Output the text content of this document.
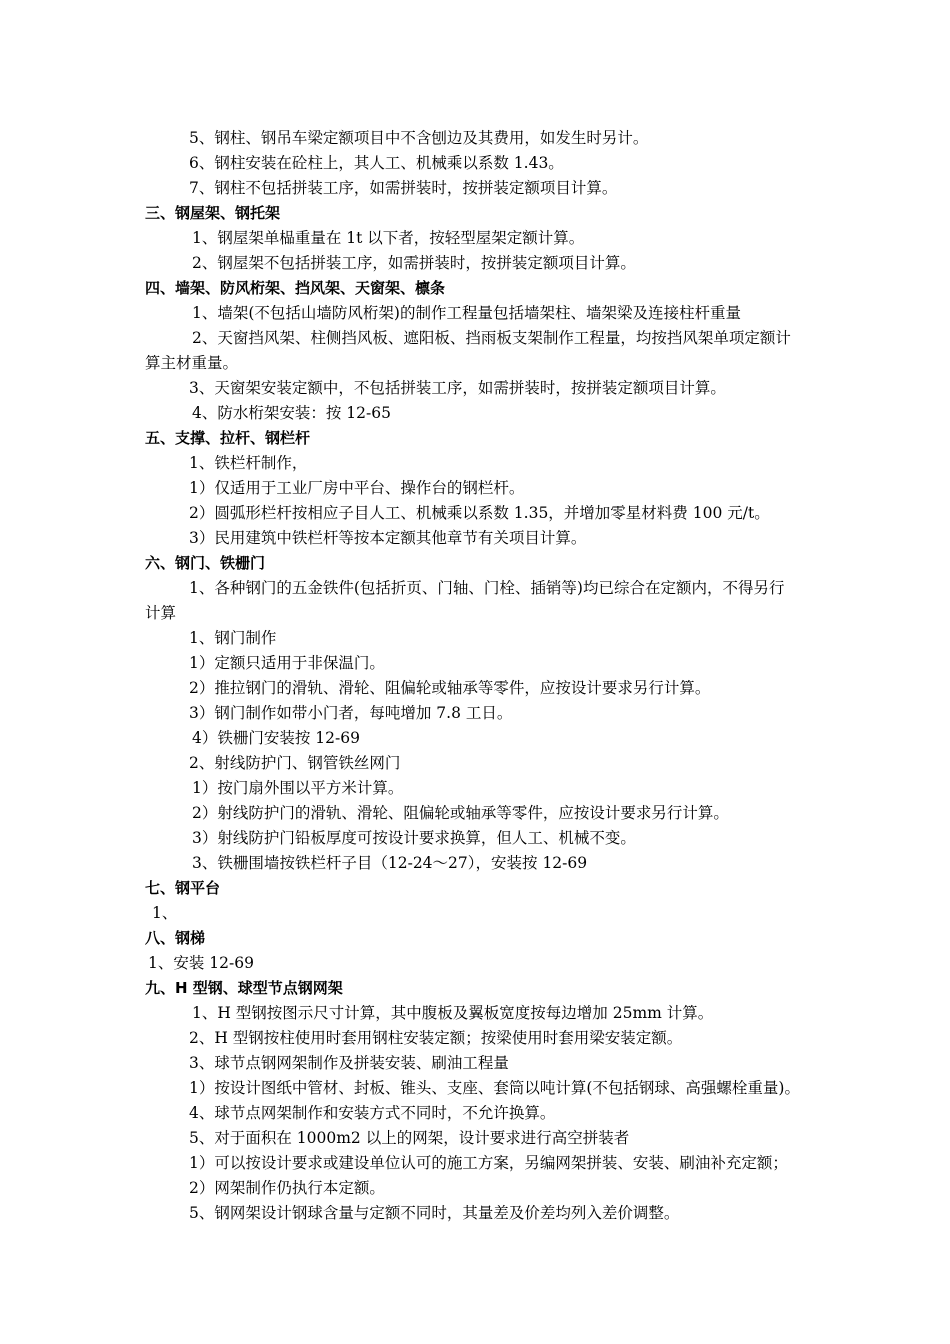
5、钢柱、钢吊车梁定额项目中不含刨边及其费用，如发生时另计。
6、钢柱安装在砼柱上，其人工、机械乘以系数 1.43。
7、钢柱不包括拼装工序，如需拼装时，按拼装定额项目计算。
三、钢屋架、钢托架
1、钢屋架单榀重量在 1t 以下者，按轻型屋架定额计算。
2、钢屋架不包括拼装工序，如需拼装时，按拼装定额项目计算。
四、墙架、防风桁架、挡风架、天窗架、檩条
1、墙架(不包括山墙防风桁架)的制作工程量包括墙架柱、墙架梁及连接柱杆重量
2、天窗挡风架、柱侧挡风板、遮阳板、挡雨板支架制作工程量，均按挡风架单项定额计
算主材重量。
3、天窗架安装定额中，不包括拼装工序，如需拼装时，按拼装定额项目计算。
4、防水桁架安装：按 12-65
五、支撑、拉杆、钢栏杆
1、铁栏杆制作，
1）仅适用于工业厂房中平台、操作台的钢栏杆。
2）圆弧形栏杆按相应子目人工、机械乘以系数 1.35，并增加零星材料费 100 元/t。
3）民用建筑中铁栏杆等按本定额其他章节有关项目计算。
六、钢门、铁栅门
1、各种钢门的五金铁件(包括折页、门轴、门栓、插销等)均已综合在定额内，不得另行
计算
1、钢门制作
1）定额只适用于非保温门。
2）推拉钢门的滑轨、滑轮、阻偏轮或轴承等零件，应按设计要求另行计算。
3）钢门制作如带小门者，每吨增加 7.8 工日。
4）铁栅门安装按 12-69
2、射线防护门、钢管铁丝网门
1）按门扇外围以平方米计算。
2）射线防护门的滑轨、滑轮、阻偏轮或轴承等零件，应按设计要求另行计算。
3）射线防护门铅板厚度可按设计要求换算，但人工、机械不变。
3、铁栅围墙按铁栏杆子目（12-24～27），安装按 12-69
七、钢平台
1、
八、钢梯
1、安装 12-69
九、H 型钢、球型节点钢网架
1、H 型钢按图示尺寸计算，其中腹板及翼板宽度按每边增加 25mm 计算。
2、H 型钢按柱使用时套用钢柱安装定额；按梁使用时套用梁安装定额。
3、球节点钢网架制作及拼装安装、刷油工程量
1）按设计图纸中管材、封板、锥头、支座、套筒以吨计算(不包括钢球、高强螺栓重量)。
4、球节点网架制作和安装方式不同时，不允许换算。
5、对于面积在 1000m2 以上的网架，设计要求进行高空拼装者
1）可以按设计要求或建设单位认可的施工方案，另编网架拼装、安装、刷油补充定额；
2）网架制作仍执行本定额。
5、钢网架设计钢球含量与定额不同时，其量差及价差均列入差价调整。
